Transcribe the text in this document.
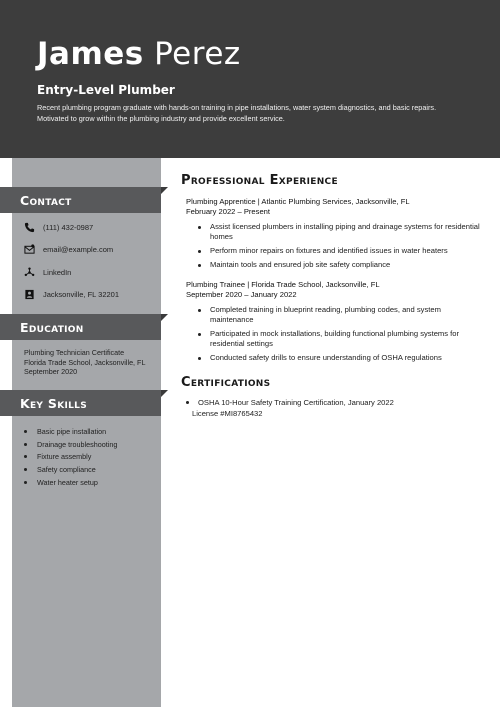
James Perez
Entry-Level Plumber
Recent plumbing program graduate with hands-on training in pipe installations, water system diagnostics, and basic repairs. Motivated to grow within the plumbing industry and provide excellent service.
Contact
(111) 432-0987
email@example.com
LinkedIn
Jacksonville, FL 32201
Education
Plumbing Technician Certificate
Florida Trade School, Jacksonville, FL
September 2020
Key Skills
Basic pipe installation
Drainage troubleshooting
Fixture assembly
Safety compliance
Water heater setup
Professional Experience
Plumbing Apprentice | Atlantic Plumbing Services, Jacksonville, FL
February 2022 – Present
Assist licensed plumbers in installing piping and drainage systems for residential homes
Perform minor repairs on fixtures and identified issues in water heaters
Maintain tools and ensured job site safety compliance
Plumbing Trainee | Florida Trade School, Jacksonville, FL
September 2020 – January 2022
Completed training in blueprint reading, plumbing codes, and system maintenance
Participated in mock installations, building functional plumbing systems for residential settings
Conducted safety drills to ensure understanding of OSHA regulations
Certifications
OSHA 10-Hour Safety Training Certification, January 2022
License #MI8765432
